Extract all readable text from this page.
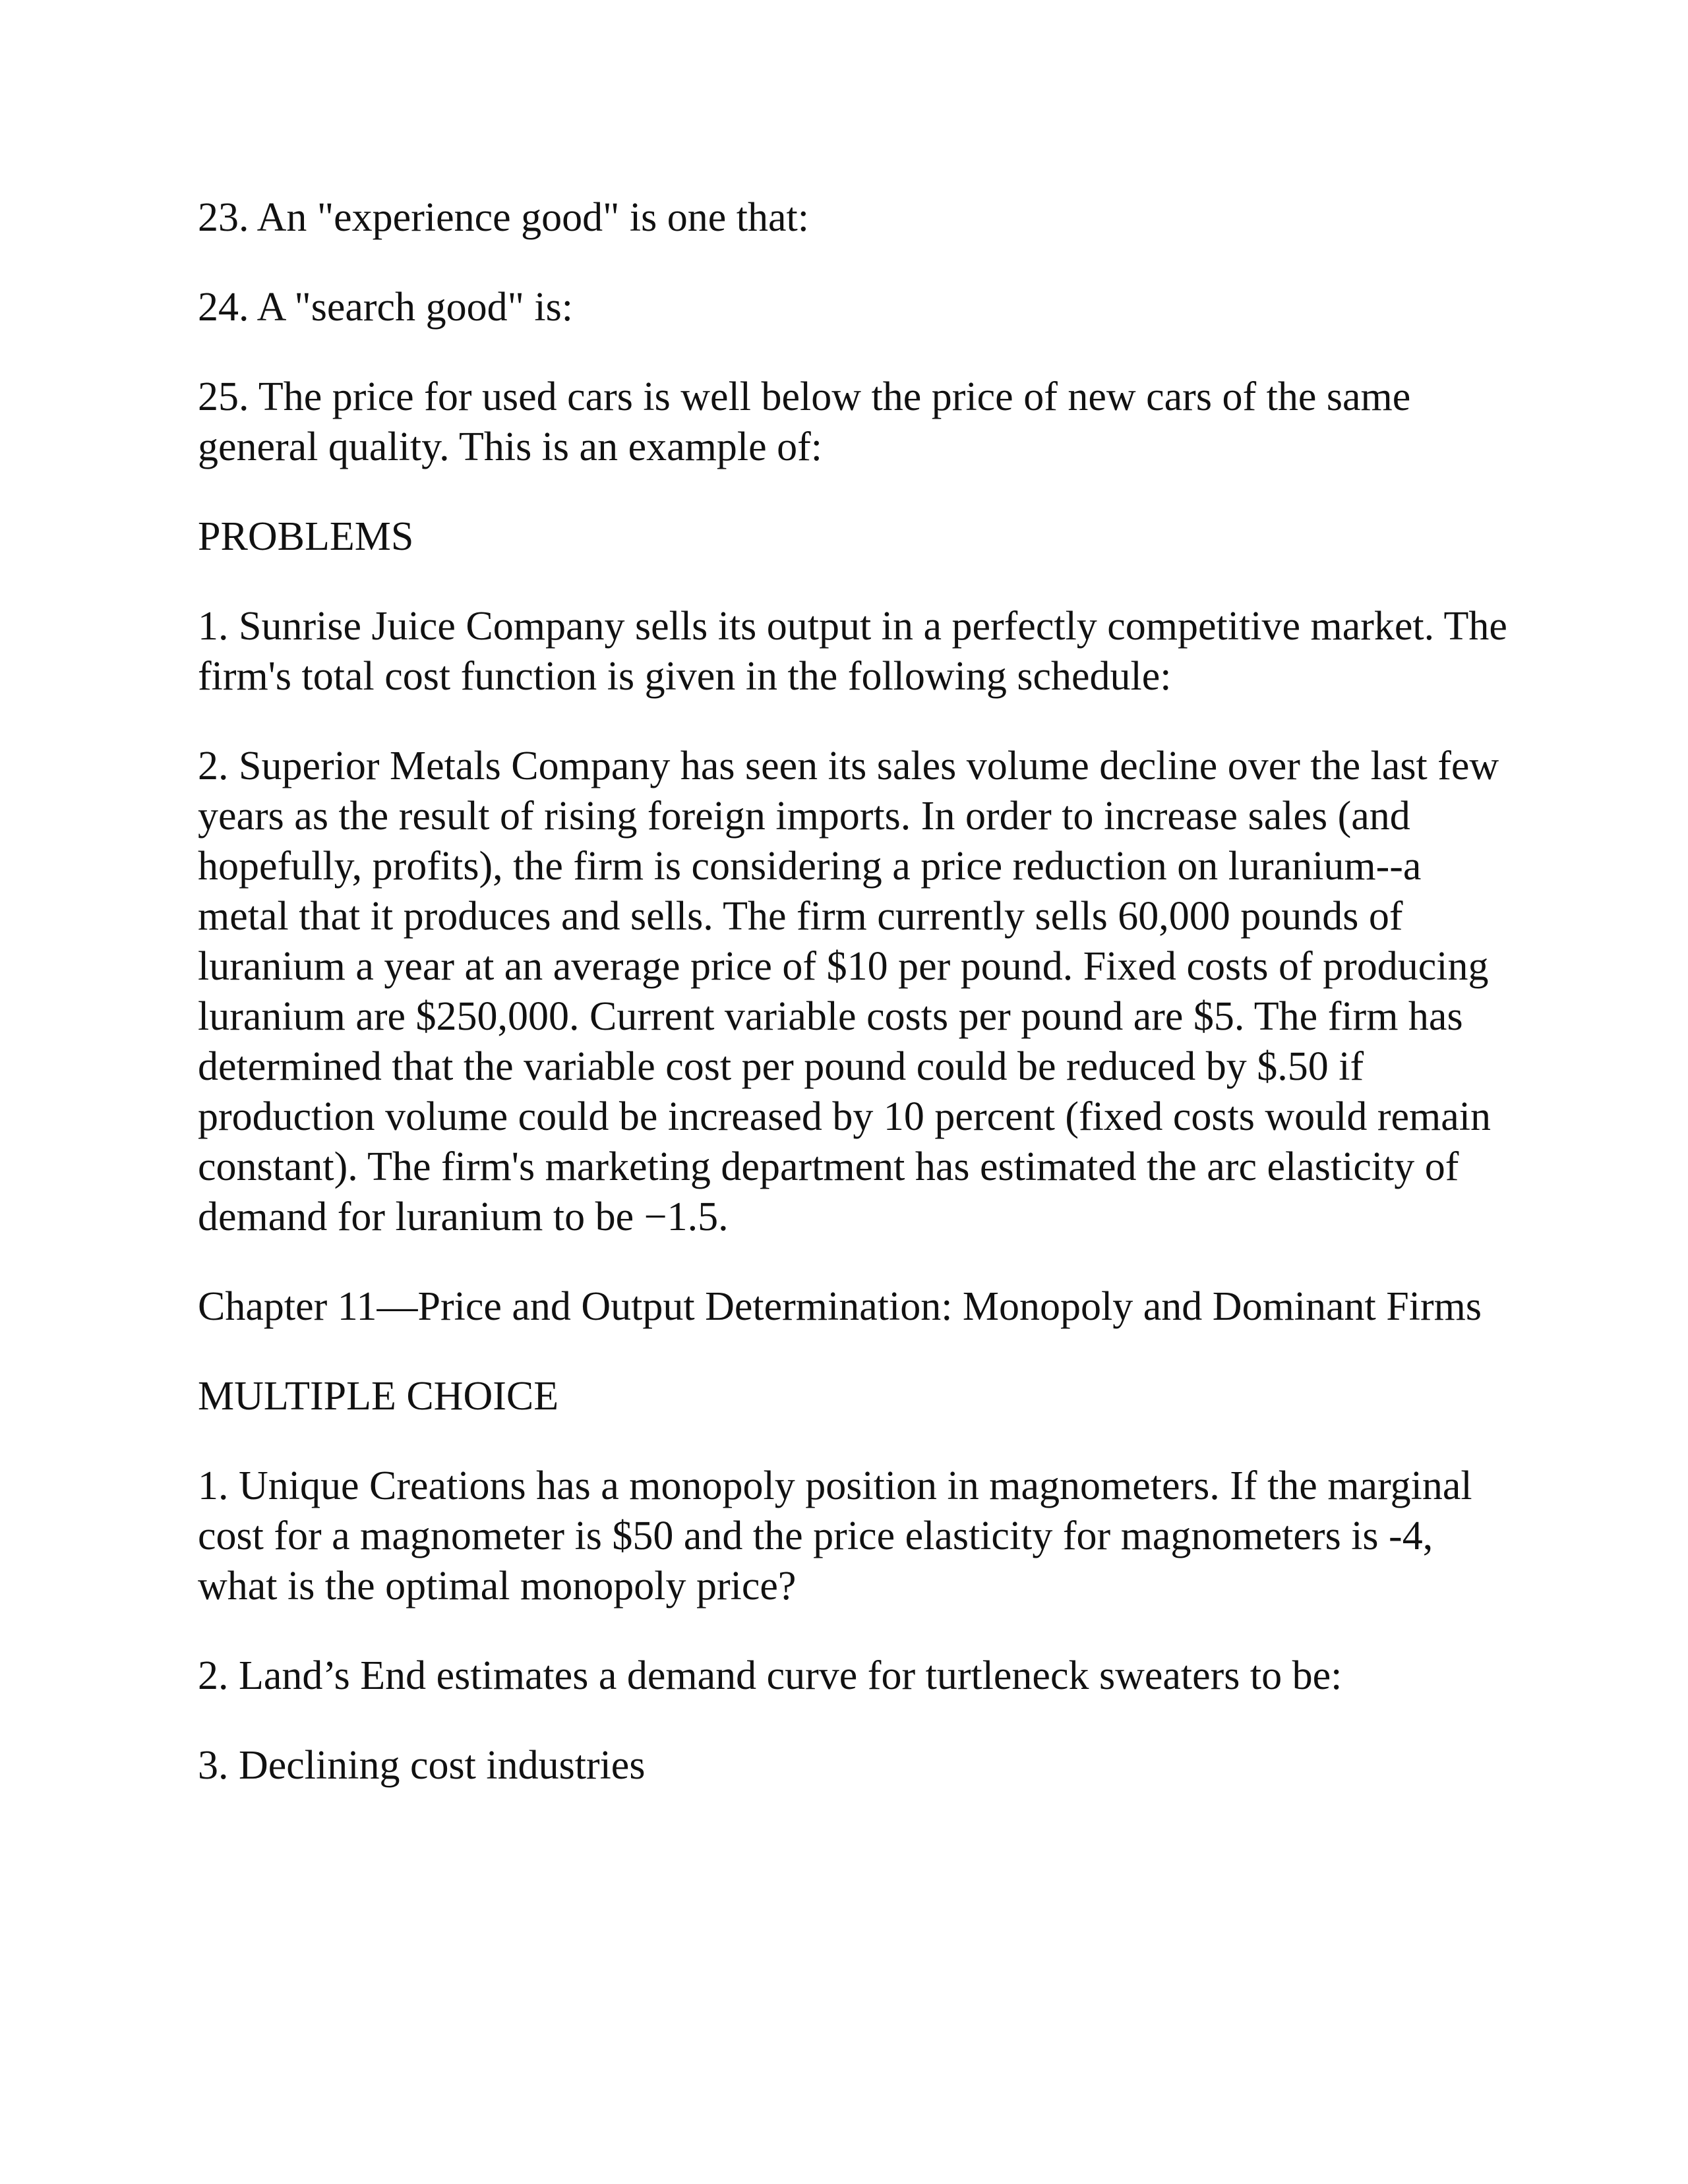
23. An "experience good" is one that:

24. A "search good" is:

25. The price for used cars is well below the price of new cars of the same general quality. This is an example of:

PROBLEMS

1. Sunrise Juice Company sells its output in a perfectly competitive market. The firm's total cost function is given in the following schedule:

2. Superior Metals Company has seen its sales volume decline over the last few years as the result of rising foreign imports. In order to increase sales (and hopefully, profits), the firm is considering a price reduction on luranium--a metal that it produces and sells. The firm currently sells 60,000 pounds of luranium a year at an average price of $10 per pound. Fixed costs of producing luranium are $250,000. Current variable costs per pound are $5. The firm has determined that the variable cost per pound could be reduced by $.50 if production volume could be increased by 10 percent (fixed costs would remain constant). The firm's marketing department has estimated the arc elasticity of demand for luranium to be −1.5.

Chapter 11—Price and Output Determination: Monopoly and Dominant Firms

MULTIPLE CHOICE

1. Unique Creations has a monopoly position in magnometers. If the marginal cost for a magnometer is $50 and the price elasticity for magnometers is -4, what is the optimal monopoly price?

2. Land’s End estimates a demand curve for turtleneck sweaters to be:

3. Declining cost industries
